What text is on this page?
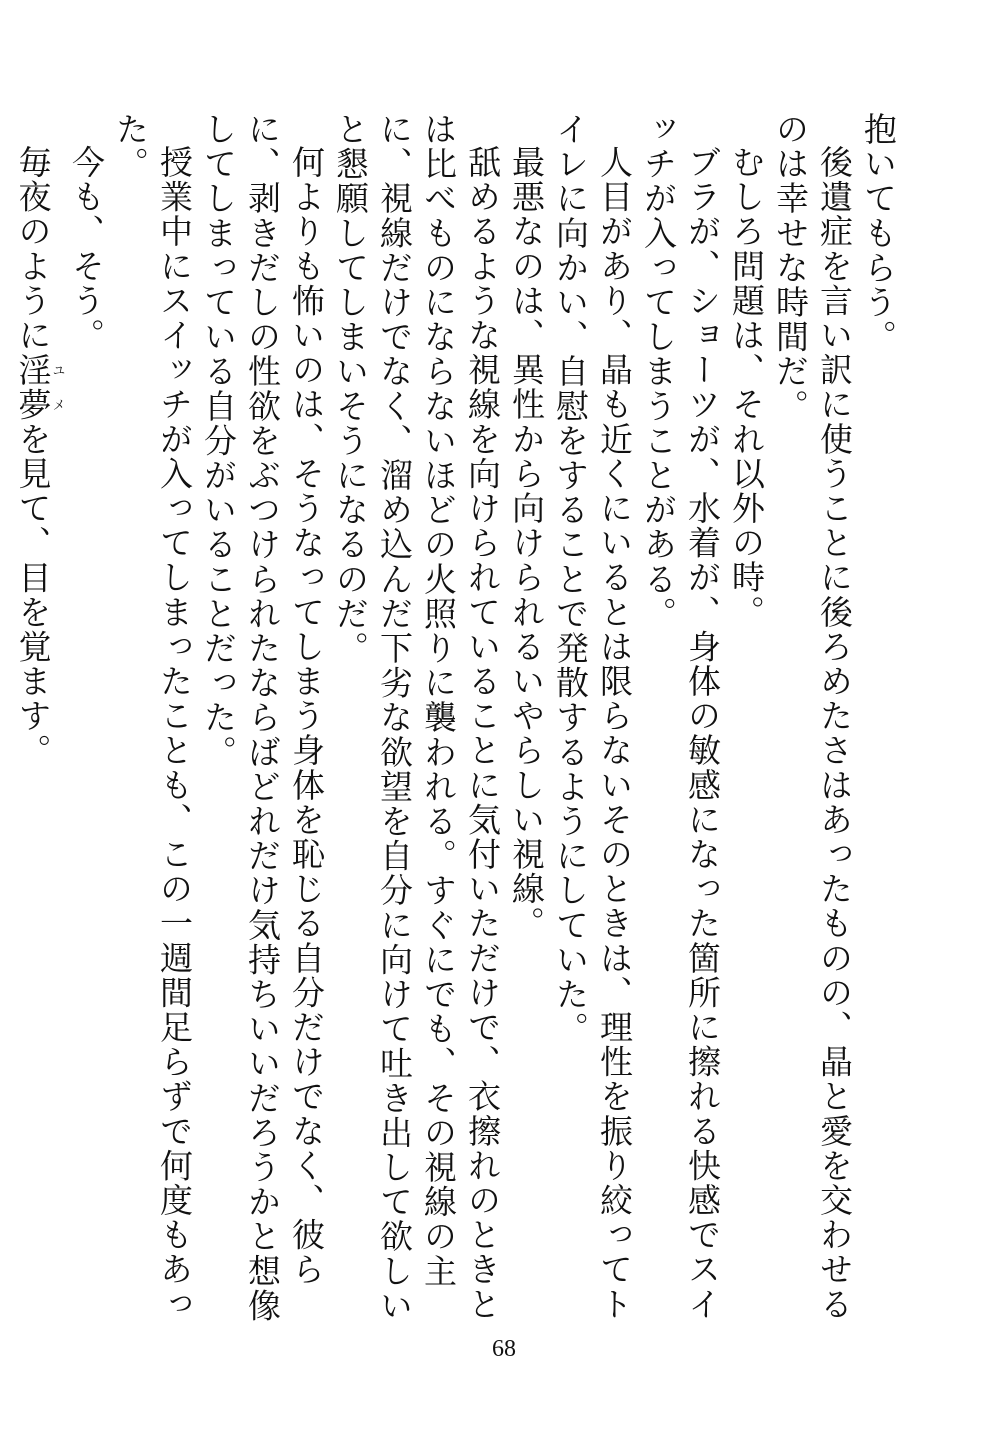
抱いてもらう。

後遺症を言い訳に使うことに後ろめたさはあったものの、晶と愛を交わせるのは幸せな時間だ。

むしろ問題は、それ以外の時。

ブラが、ショーツが、水着が、身体の敏感になった箇所に擦れる快感でスイッチが入ってしまうことがある。

人目があり、晶も近くにいるとは限らないそのときは、理性を振り絞ってトイレに向かい、自慰をすることで発散するようにしていた。

最悪なのは、異性から向けられるいやらしい視線。

舐めるような視線を向けられていることに気付いただけで、衣擦れのときとは比べものにならないほどの火照りに襲われる。すぐにでも、その視線の主に、視線だけでなく、溜め込んだ下劣な欲望を自分に向けて吐き出して欲しいと懇願してしまいそうになるのだ。

何よりも怖いのは、そうなってしまう身体を恥じる自分だけでなく、彼らに、剥きだしの性欲をぶつけられたならばどれだけ気持ちいいだろうかと想像してしまっている自分がいることだった。

授業中にスイッチが入ってしまったことも、この一週間足らずで何度もあった。

今も、そう。

毎夜のように淫夢ユメを見て、目を覚ます。

68
